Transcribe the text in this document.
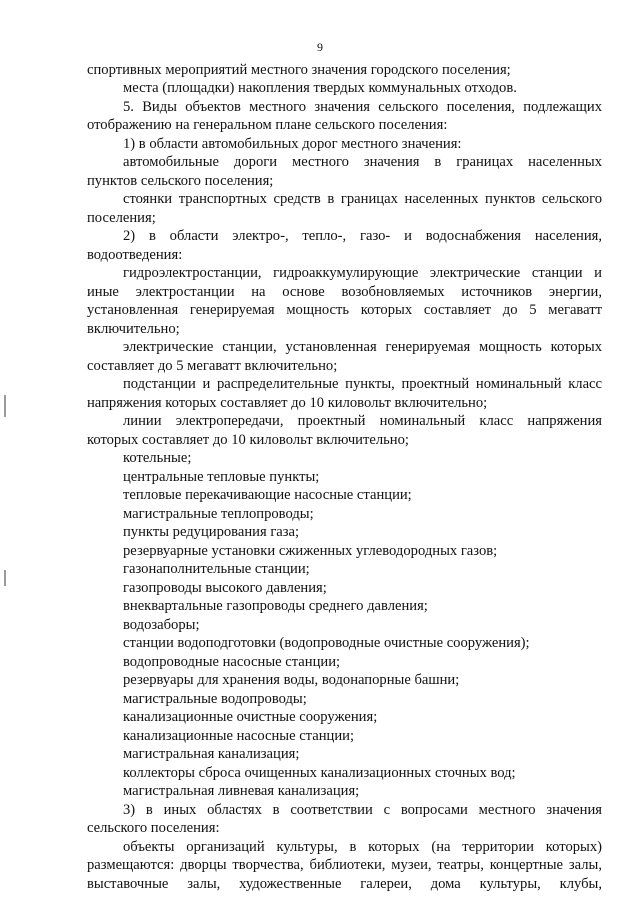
9
спортивных мероприятий местного значения городского поселения;
места (площадки) накопления твердых коммунальных отходов.
5. Виды объектов местного значения сельского поселения, подлежащих
отображению на генеральном плане сельского поселения:
1) в области автомобильных дорог местного значения:
автомобильные дороги местного значения в границах населенных
пунктов сельского поселения;
стоянки транспортных средств в границах населенных пунктов сельского
поселения;
2) в области электро-, тепло-, газо- и водоснабжения населения,
водоотведения:
гидроэлектростанции, гидроаккумулирующие электрические станции и
иные электростанции на основе возобновляемых источников энергии,
установленная генерируемая мощность которых составляет до 5 мегаватт
включительно;
электрические станции, установленная генерируемая мощность которых
составляет до 5 мегаватт включительно;
подстанции и распределительные пункты, проектный номинальный класс
напряжения которых составляет до 10 киловольт включительно;
линии электропередачи, проектный номинальный класс напряжения
которых составляет до 10 киловольт включительно;
котельные;
центральные тепловые пункты;
тепловые перекачивающие насосные станции;
магистральные теплопроводы;
пункты редуцирования газа;
резервуарные установки сжиженных углеводородных газов;
газонаполнительные станции;
газопроводы высокого давления;
внеквартальные газопроводы среднего давления;
водозаборы;
станции водоподготовки (водопроводные очистные сооружения);
водопроводные насосные станции;
резервуары для хранения воды, водонапорные башни;
магистральные водопроводы;
канализационные очистные сооружения;
канализационные насосные станции;
магистральная канализация;
коллекторы сброса очищенных канализационных сточных вод;
магистральная ливневая канализация;
3) в иных областях в соответствии с вопросами местного значения
сельского поселения:
объекты организаций культуры, в которых (на территории которых)
размещаются: дворцы творчества, библиотеки, музеи, театры, концертные залы,
выставочные залы, художественные галереи, дома культуры, клубы,
